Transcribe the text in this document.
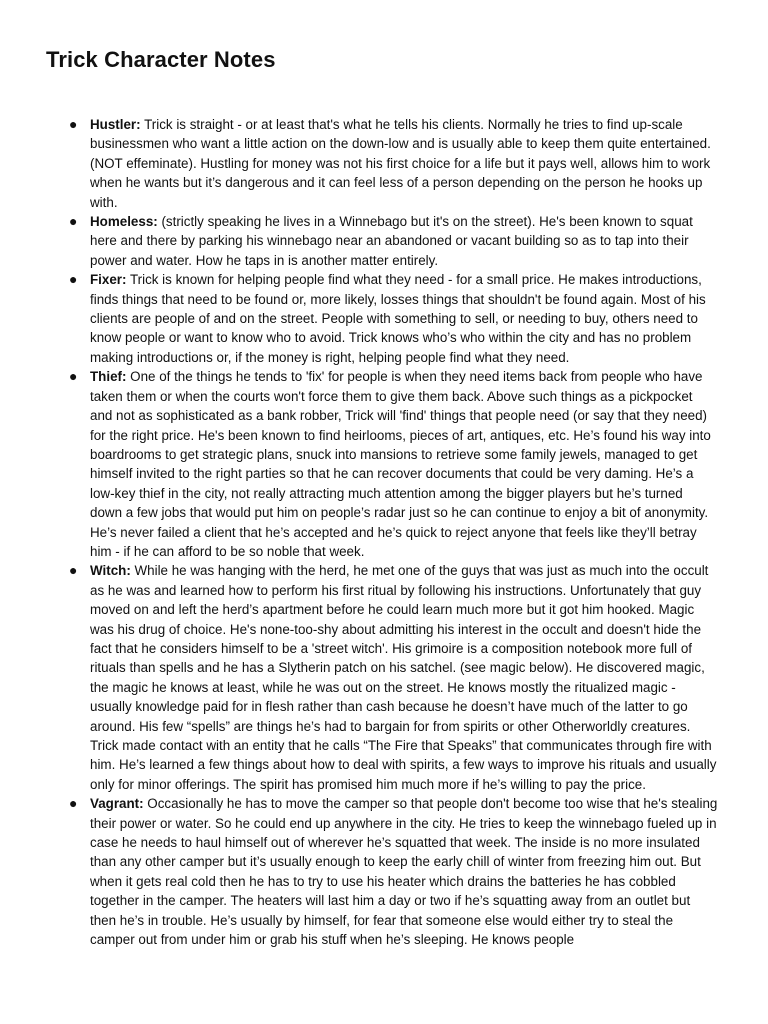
Trick Character Notes
● Hustler: Trick is straight - or at least that's what he tells his clients. Normally he tries to find up-scale businessmen who want a little action on the down-low and is usually able to keep them quite entertained. (NOT effeminate). Hustling for money was not his first choice for a life but it pays well, allows him to work when he wants but it’s dangerous and it can feel less of a person depending on the person he hooks up with.
● Homeless: (strictly speaking he lives in a Winnebago but it's on the street). He's been known to squat here and there by parking his winnebago near an abandoned or vacant building so as to tap into their power and water. How he taps in is another matter entirely.
● Fixer: Trick is known for helping people find what they need - for a small price. He makes introductions, finds things that need to be found or, more likely, losses things that shouldn't be found again. Most of his clients are people of and on the street. People with something to sell, or needing to buy, others need to know people or want to know who to avoid. Trick knows who’s who within the city and has no problem making introductions or, if the money is right, helping people find what they need.
● Thief: One of the things he tends to 'fix' for people is when they need items back from people who have taken them or when the courts won't force them to give them back. Above such things as a pickpocket and not as sophisticated as a bank robber, Trick will 'find' things that people need (or say that they need) for the right price. He's been known to find heirlooms, pieces of art, antiques, etc. He’s found his way into boardrooms to get strategic plans, snuck into mansions to retrieve some family jewels, managed to get himself invited to the right parties so that he can recover documents that could be very daming. He’s a low-key thief in the city, not really attracting much attention among the bigger players but he’s turned down a few jobs that would put him on people’s radar just so he can continue to enjoy a bit of anonymity. He’s never failed a client that he’s accepted and he’s quick to reject anyone that feels like they’ll betray him - if he can afford to be so noble that week.
● Witch: While he was hanging with the herd, he met one of the guys that was just as much into the occult as he was and learned how to perform his first ritual by following his instructions. Unfortunately that guy moved on and left the herd’s apartment before he could learn much more but it got him hooked. Magic was his drug of choice. He's none-too-shy about admitting his interest in the occult and doesn't hide the fact that he considers himself to be a 'street witch'. His grimoire is a composition notebook more full of rituals than spells and he has a Slytherin patch on his satchel. (see magic below). He discovered magic, the magic he knows at least, while he was out on the street. He knows mostly the ritualized magic - usually knowledge paid for in flesh rather than cash because he doesn’t have much of the latter to go around. His few “spells” are things he’s had to bargain for from spirits or other Otherworldly creatures. Trick made contact with an entity that he calls “The Fire that Speaks” that communicates through fire with him. He’s learned a few things about how to deal with spirits, a few ways to improve his rituals and usually only for minor offerings. The spirit has promised him much more if he’s willing to pay the price.
● Vagrant: Occasionally he has to move the camper so that people don't become too wise that he's stealing their power or water. So he could end up anywhere in the city. He tries to keep the winnebago fueled up in case he needs to haul himself out of wherever he’s squatted that week. The inside is no more insulated than any other camper but it’s usually enough to keep the early chill of winter from freezing him out. But when it gets real cold then he has to try to use his heater which drains the batteries he has cobbled together in the camper. The heaters will last him a day or two if he’s squatting away from an outlet but then he’s in trouble. He’s usually by himself, for fear that someone else would either try to steal the camper out from under him or grab his stuff when he’s sleeping. He knows people
